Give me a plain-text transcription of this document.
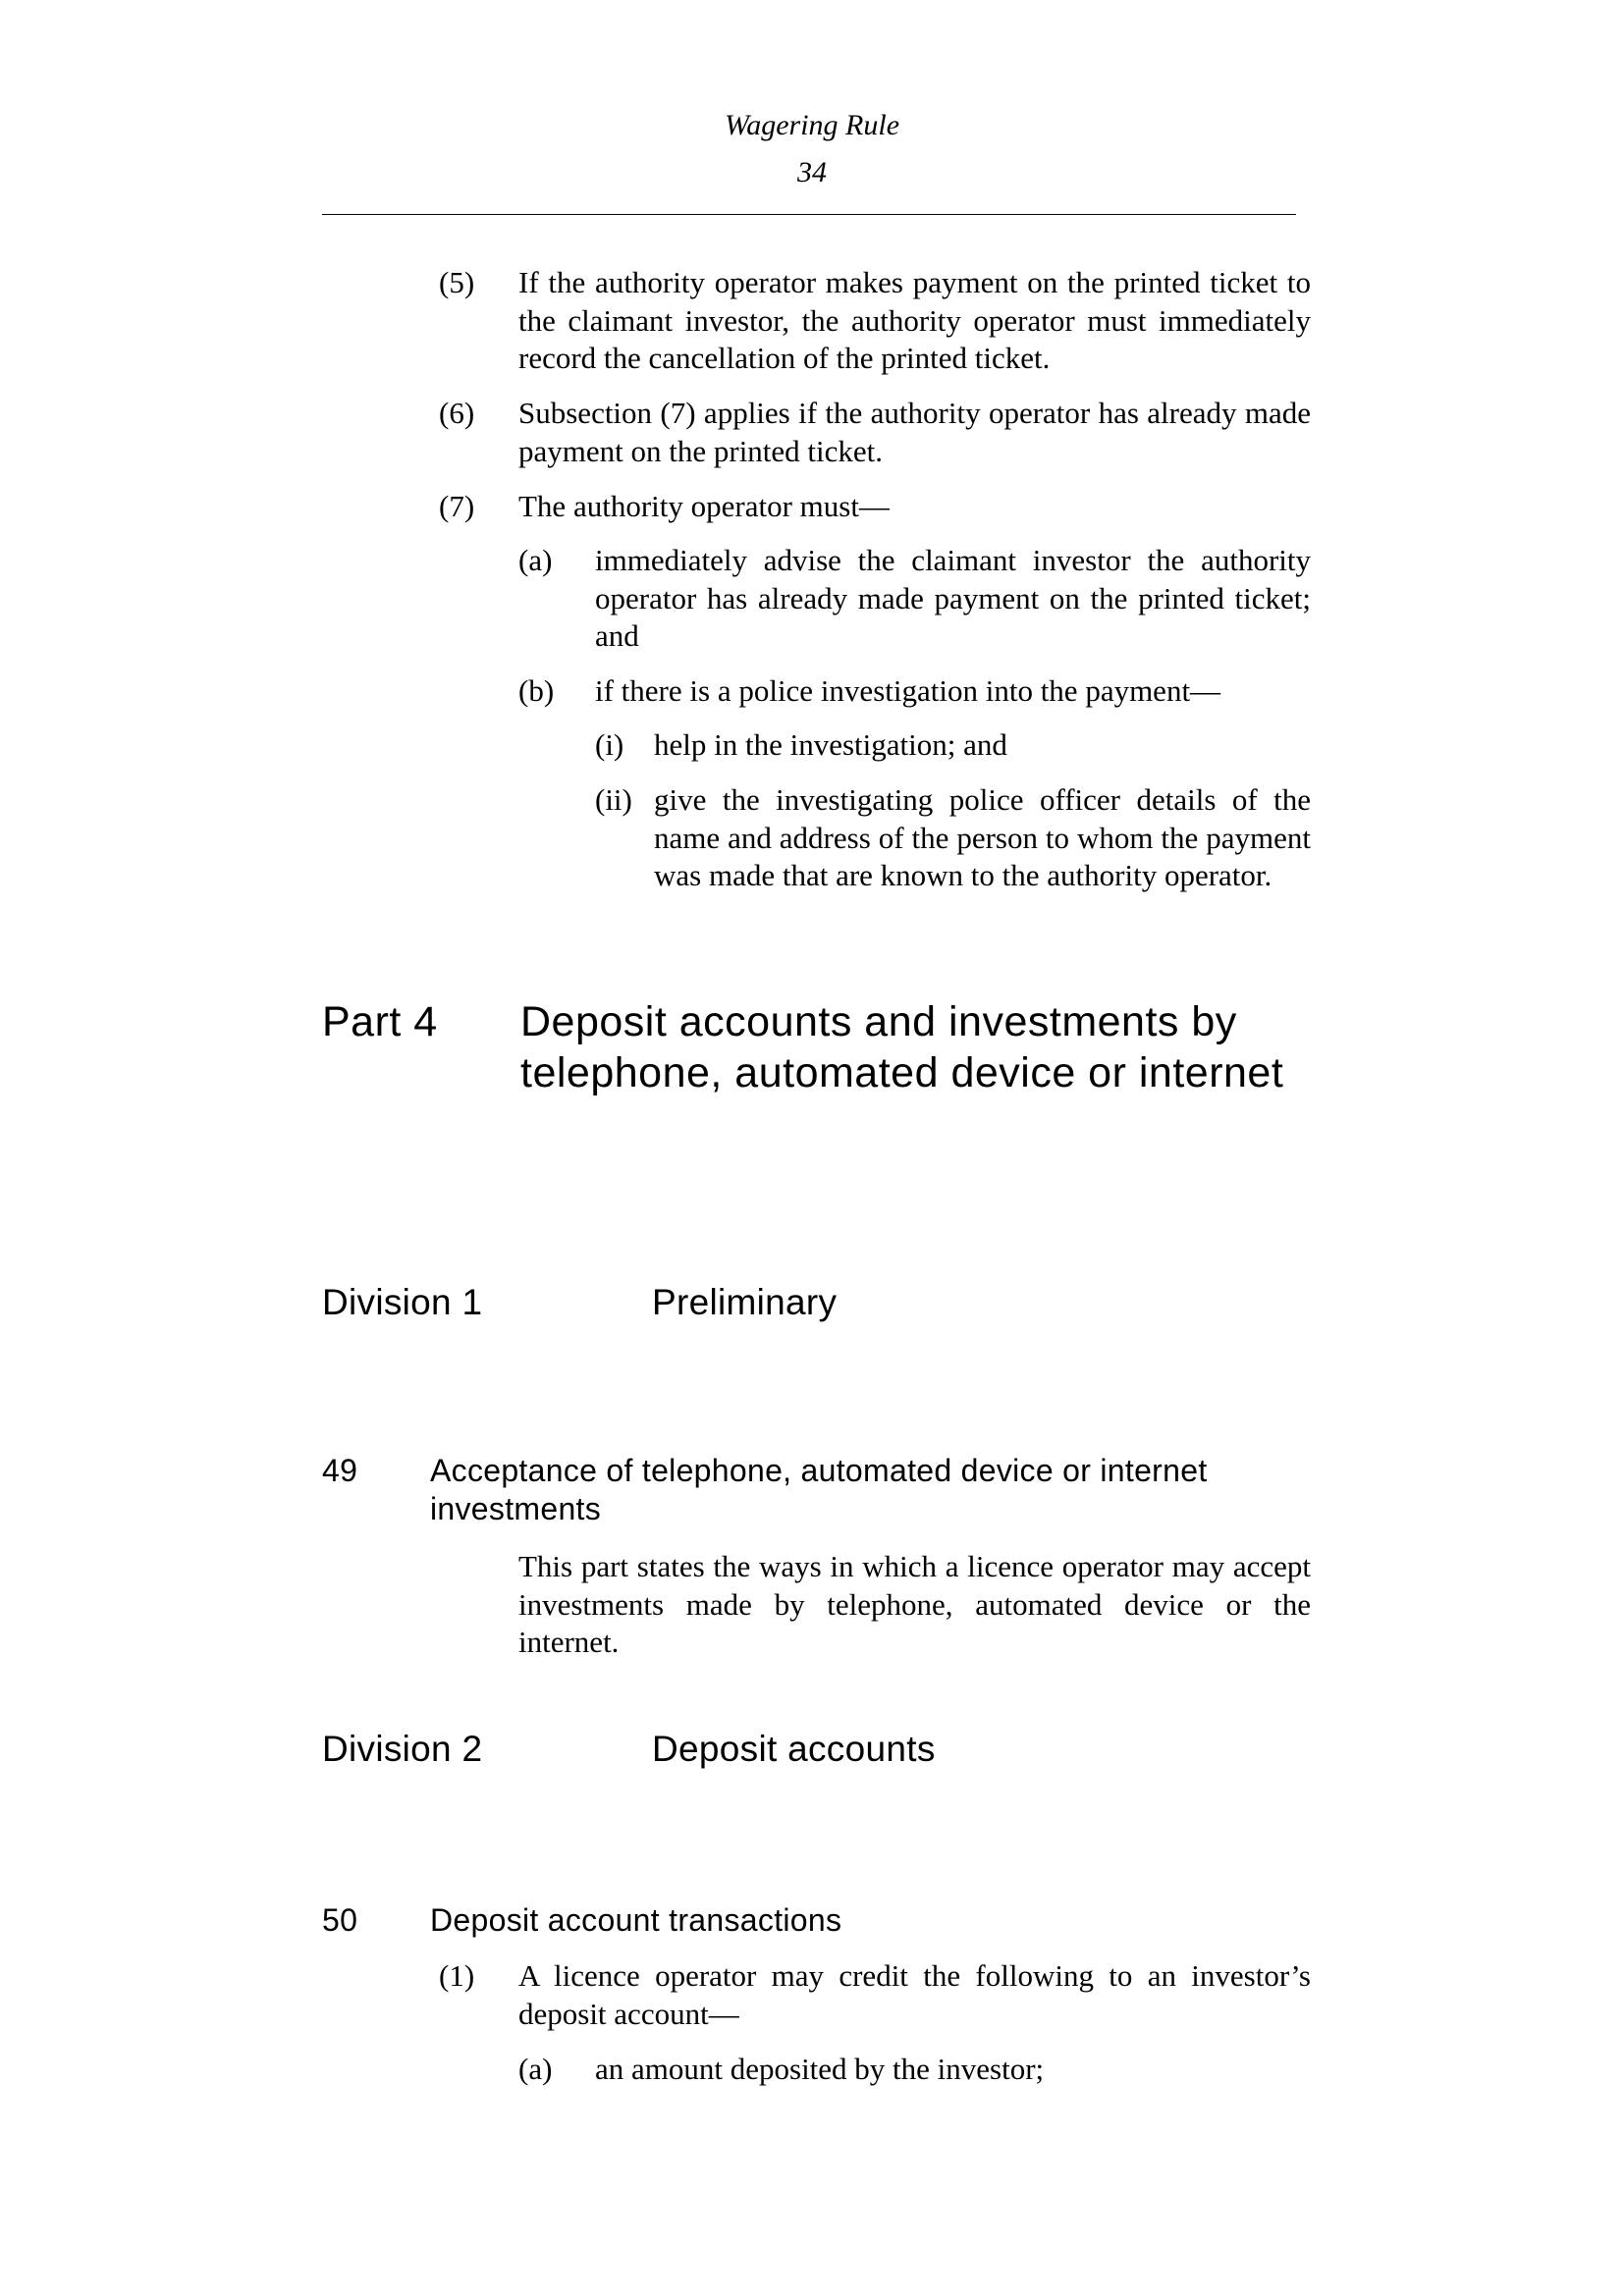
Wagering Rule
34
(5) If the authority operator makes payment on the printed ticket to the claimant investor, the authority operator must immediately record the cancellation of the printed ticket.
(6) Subsection (7) applies if the authority operator has already made payment on the printed ticket.
(7) The authority operator must—
(a) immediately advise the claimant investor the authority operator has already made payment on the printed ticket; and
(b) if there is a police investigation into the payment—
(i) help in the investigation; and
(ii) give the investigating police officer details of the name and address of the person to whom the payment was made that are known to the authority operator.
Part 4 Deposit accounts and investments by telephone, automated device or internet
Division 1	Preliminary
49 Acceptance of telephone, automated device or internet investments
This part states the ways in which a licence operator may accept investments made by telephone, automated device or the internet.
Division 2	Deposit accounts
50 Deposit account transactions
(1) A licence operator may credit the following to an investor’s deposit account—
(a) an amount deposited by the investor;
